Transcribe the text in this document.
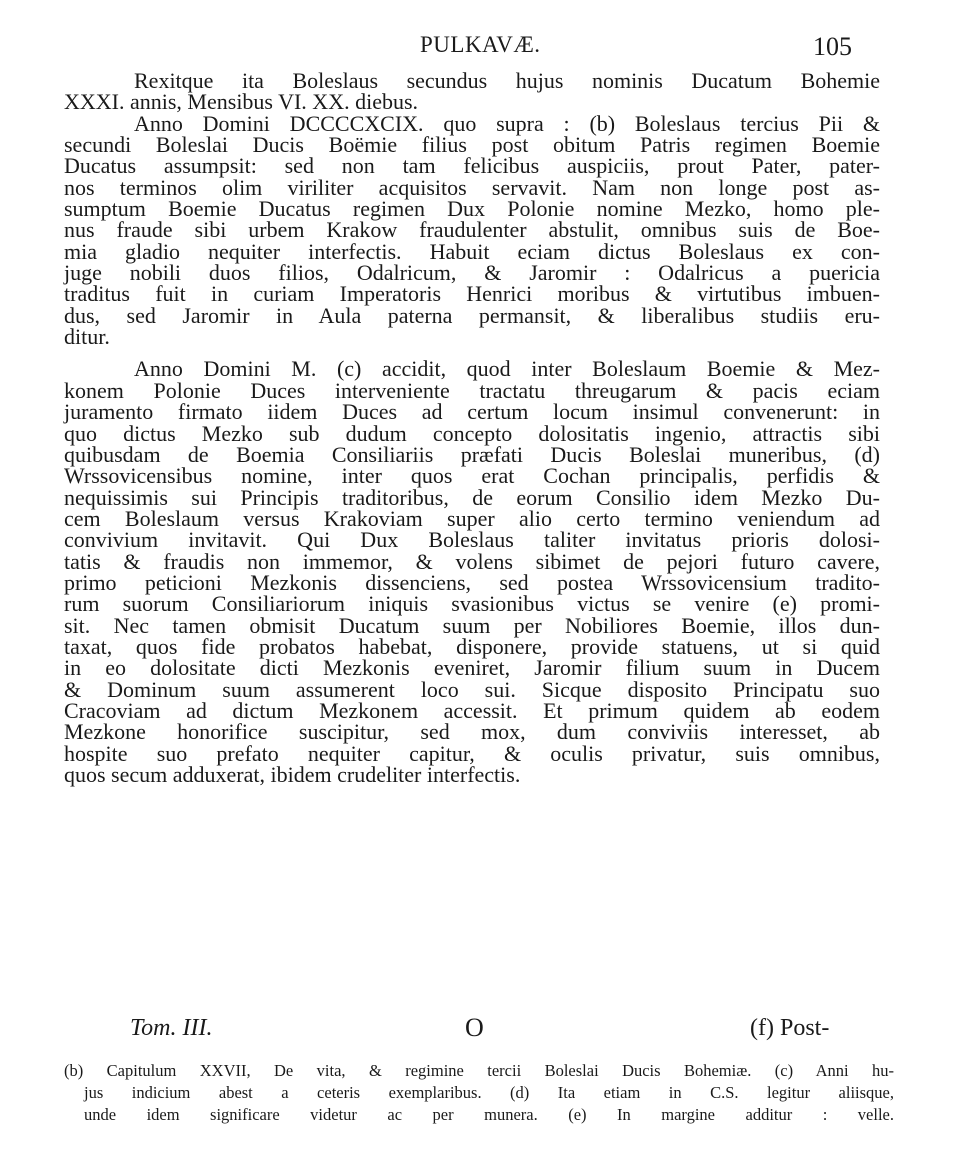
PULKAVÆ.	105
Rexitque ita Boleslaus secundus hujus nominis Ducatum Bohemie
XXXI. annis, Mensibus VI. XX. diebus.
Anno Domini DCCCCXCIX. quo supra : (b) Boleslaus tercius Pii &
secundi Boleslai Ducis Boëmie filius post obitum Patris regimen Boemie
Ducatus assumpsit: sed non tam felicibus auspiciis, prout Pater, pater-
nos terminos olim viriliter acquisitos servavit. Nam non longe post as-
sumptum Boemie Ducatus regimen Dux Polonie nomine Mezko, homo ple-
nus fraude sibi urbem Krakow fraudulenter abstulit, omnibus suis de Boe-
mia gladio nequiter interfectis. Habuit eciam dictus Boleslaus ex con-
juge nobili duos filios, Odalricum, & Jaromir : Odalricus a puericia
traditus fuit in curiam Imperatoris Henrici moribus & virtutibus imbuen-
dus, sed Jaromir in Aula paterna permansit, & liberalibus studiis eru-
ditur.
Anno Domini M. (c) accidit, quod inter Boleslaum Boemie & Mez-
konem Polonie Duces interveniente tractatu threugarum & pacis eciam
juramento firmato iidem Duces ad certum locum insimul convenerunt: in
quo dictus Mezko sub dudum concepto dolositatis ingenio, attractis sibi
quibusdam de Boemia Consiliariis præfati Ducis Boleslai muneribus, (d)
Wrssovicensibus nomine, inter quos erat Cochan principalis, perfidis &
nequissimis sui Principis traditoribus, de eorum Consilio idem Mezko Du-
cem Boleslaum versus Krakoviam super alio certo termino veniendum ad
convivium invitavit. Qui Dux Boleslaus taliter invitatus prioris dolosi-
tatis & fraudis non immemor, & volens sibimet de pejori futuro cavere,
primo peticioni Mezkonis dissenciens, sed postea Wrssovicensium tradito-
rum suorum Consiliariorum iniquis svasionibus victus se venire (e) promi-
sit. Nec tamen obmisit Ducatum suum per Nobiliores Boemie, illos dun-
taxat, quos fide probatos habebat, disponere, provide statuens, ut si quid
in eo dolositate dicti Mezkonis eveniret, Jaromir filium suum in Ducem
& Dominum suum assumerent loco sui. Sicque disposito Principatu suo
Cracoviam ad dictum Mezkonem accessit. Et primum quidem ab eodem
Mezkone honorifice suscipitur, sed mox, dum conviviis interesset, ab
hospite suo prefato nequiter capitur, & oculis privatur, suis omnibus,
quos secum adduxerat, ibidem crudeliter interfectis.
Tom. III.	O	(f) Post-
(b) Capitulum XXVII, De vita, & regimine tercii Boleslai Ducis Bohemiæ. (c) Anni hu-
jus indicium abest a ceteris exemplaribus. (d) Ita etiam in C.S. legitur aliisque,
unde idem significare videtur ac per munera. (e) In margine additur : velle.
